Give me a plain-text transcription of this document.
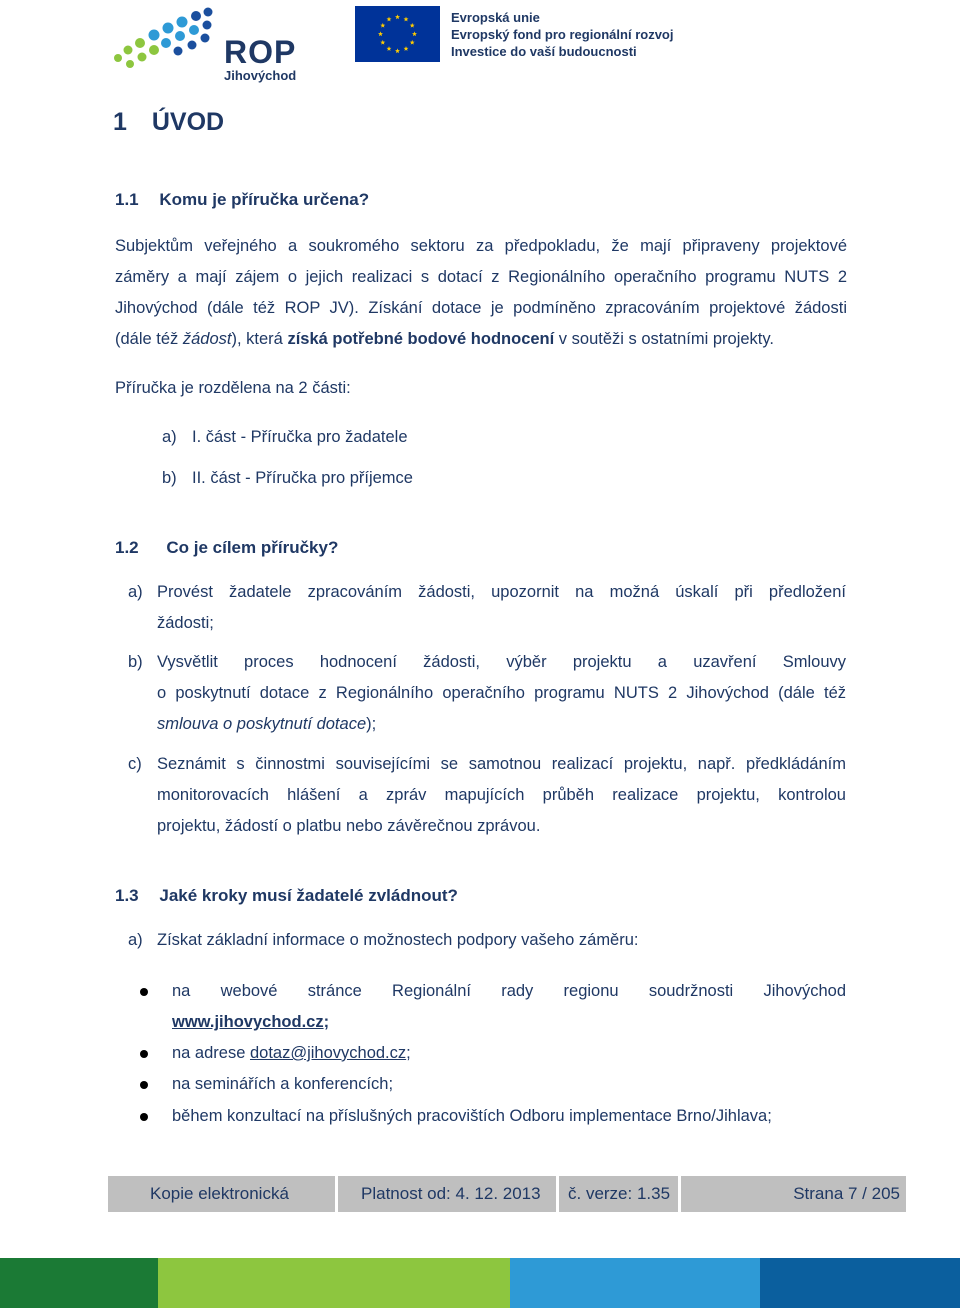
ROP
Jihovýchod
Evropská unie
Evropský fond pro regionální rozvoj
Investice do vaší budoucnosti
1 ÚVOD
1.1 Komu je příručka určena?
Subjektům veřejného a soukromého sektoru za předpokladu, že mají připraveny projektové
záměry a mají zájem o jejich realizaci s dotací z Regionálního operačního programu NUTS 2
Jihovýchod (dále též ROP JV). Získání dotace je podmíněno zpracováním projektové žádosti
(dále též žádost), která získá potřebné bodové hodnocení v soutěži s ostatními projekty.
Příručka je rozdělena na 2 části:
a) I. část - Příručka pro žadatele
b) II. část - Příručka pro příjemce
1.2 Co je cílem příručky?
a) Provést žadatele zpracováním žádosti, upozornit na možná úskalí při předložení
žádosti;
b) Vysvětlit proces hodnocení žádosti, výběr projektu a uzavření Smlouvy
o poskytnutí dotace z Regionálního operačního programu NUTS 2 Jihovýchod (dále též
smlouva o poskytnutí dotace);
c) Seznámit s činnostmi souvisejícími se samotnou realizací projektu, např. předkládáním
monitorovacích hlášení a zpráv mapujících průběh realizace projektu, kontrolou
projektu, žádostí o platbu nebo závěrečnou zprávou.
1.3 Jaké kroky musí žadatelé zvládnout?
a) Získat základní informace o možnostech podpory vašeho záměru:
na webové stránce Regionální rady regionu soudržnosti Jihovýchod
www.jihovychod.cz;
na adrese dotaz@jihovychod.cz;
na seminářích a konferencích;
během konzultací na příslušných pracovištích Odboru implementace Brno/Jihlava;
Kopie elektronická	Platnost od: 4. 12. 2013 č. verze: 1.35	Strana 7 / 205
